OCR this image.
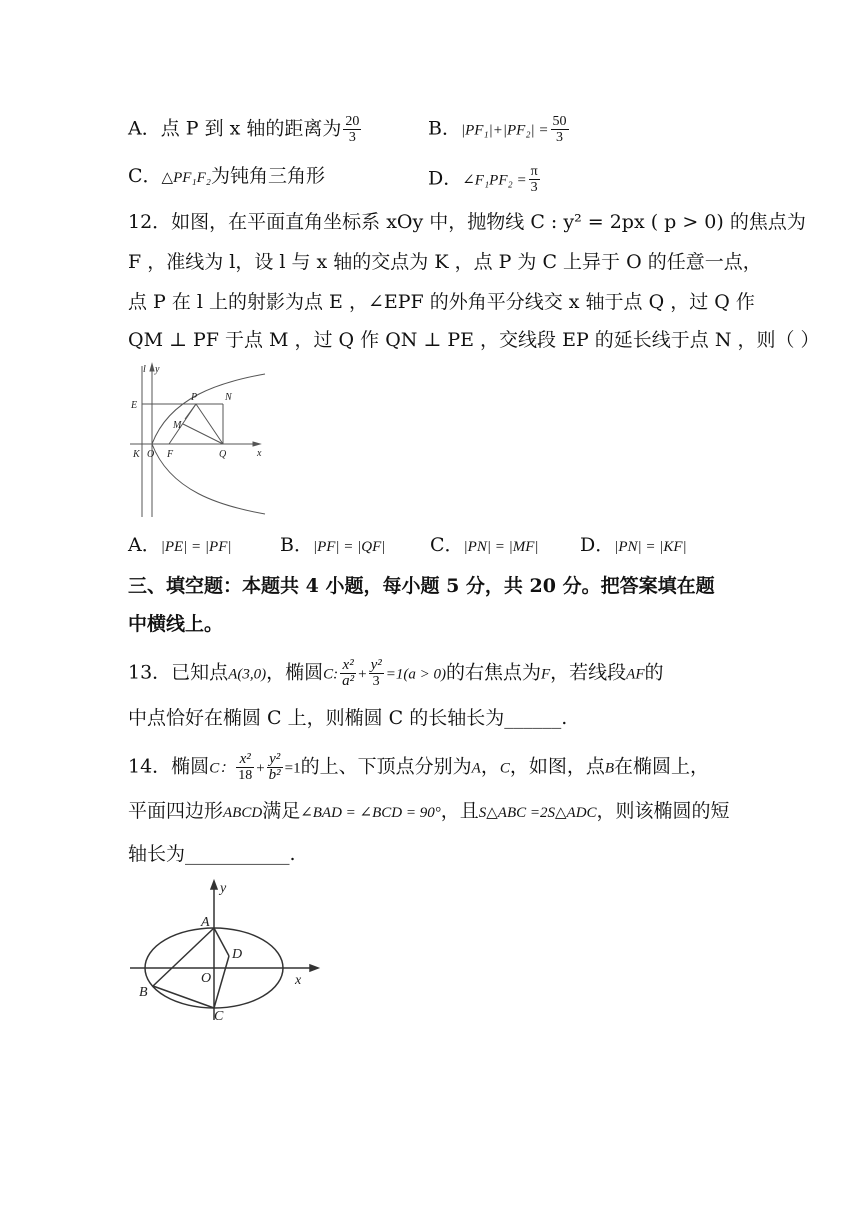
A．点 P 到 x 轴的距离为 $\frac{20}{3}$	B．$|PF_1|+|PF_2| = \frac{50}{3}$
C．△PF₁F₂为钝角三角形	D．∠F₁PF₂ = $\frac{\pi}{3}$
12．如图，在平面直角坐标系 xOy 中，抛物线 C : y² = 2px ( p > 0) 的焦点为
F ，准线为 l，设 l 与 x 轴的交点为 K ，点 P 为 C 上异于 O 的任意一点，
点 P 在 l 上的射影为点 E ，∠EPF 的外角平分线交 x 轴于点 Q ，过 Q 作
QM ⊥ PF 于点 M ，过 Q 作 QN ⊥ PE ，交线段 EP 的延长线于点 N ，则（ ）
l y
E
P	N
M
K O F	Q	x
A．|PE| = |PF|	B．|PF| = |QF| C．|PN| = |MF| D．|PN| = |KF|
三、填空题：本题共 4 小题，每小题 5 分，共 20 分。把答案填在题
中横线上。
13．已知点A(3,0)，椭圆C: $\frac{\text{x²}}{\text{a²}} + \frac{\text{y²}}{3} =1(a > 0)$的右焦点为F，若线段AF的
中点恰好在椭圆 C 上，则椭圆 C 的长轴长为______.
14．椭圆C： $\frac{\text{x²}}{18} + \frac{\text{y²}}{\text{b²}} =1$的上、下顶点分别为A，C，如图，点B在椭圆上，
平面四边形ABCD满足∠BAD = ∠BCD = 90°，且S△ABC =2S△ADC，则该椭圆的短
轴长为___________.
y
A
D
O	x
B
C
